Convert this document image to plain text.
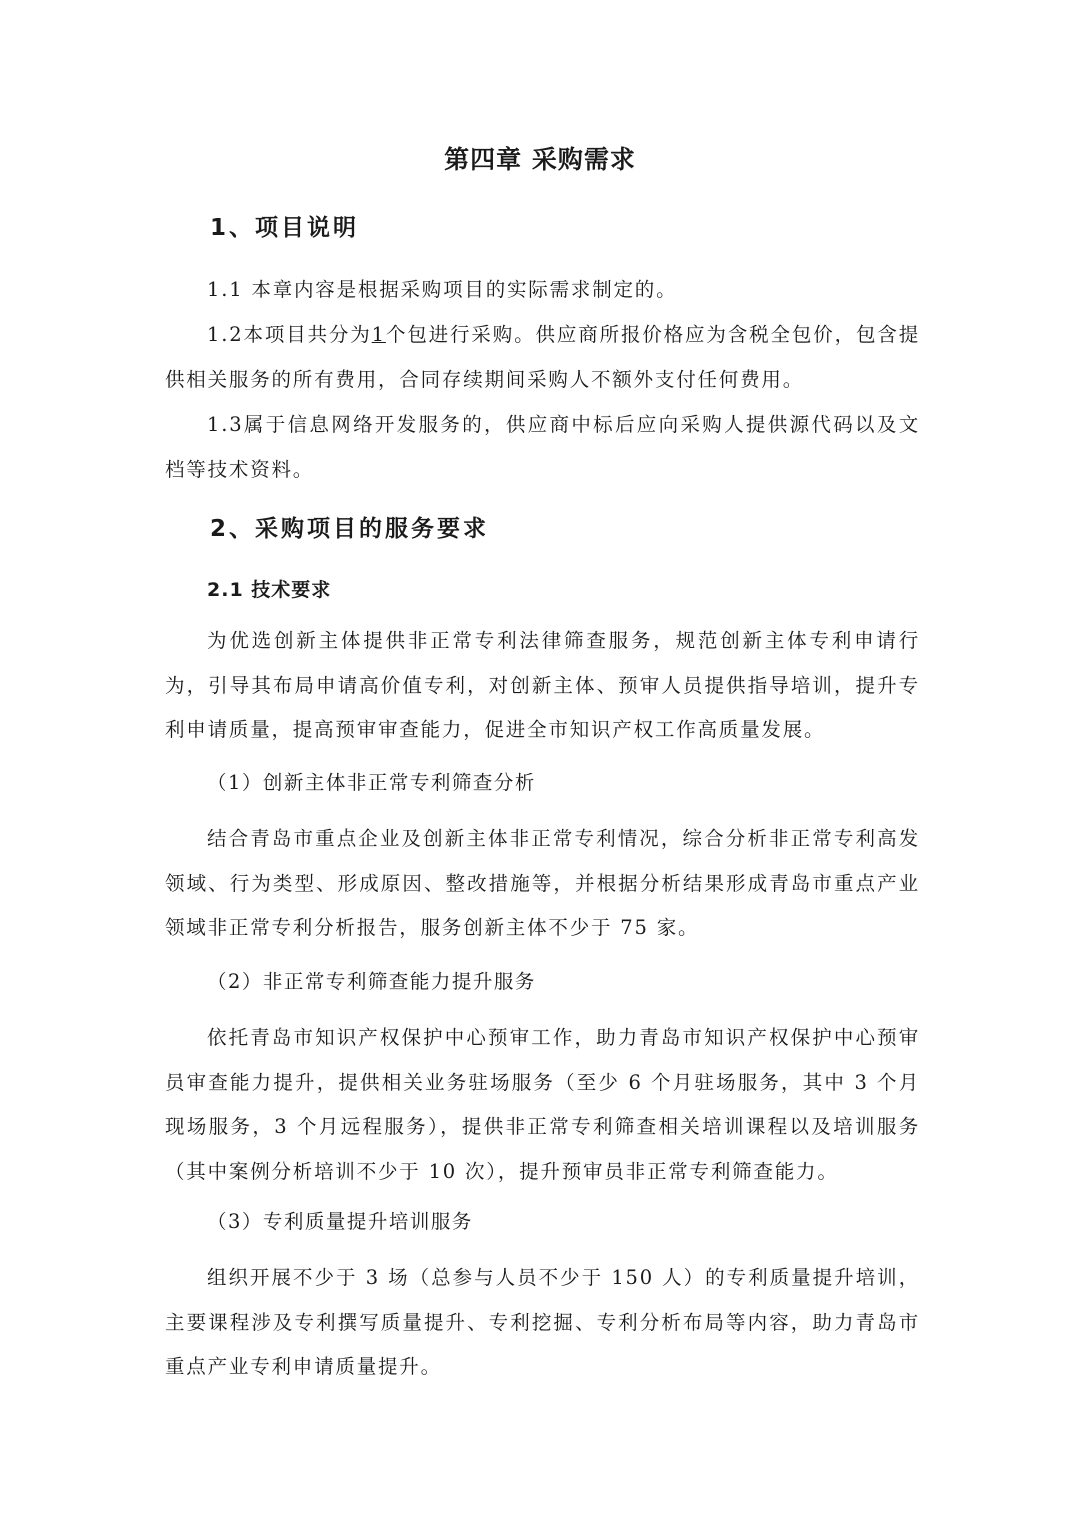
第四章 采购需求
1、项目说明
1.1 本章内容是根据采购项目的实际需求制定的。
1.2本项目共分为1个包进行采购。供应商所报价格应为含税全包价，包含提供相关服务的所有费用，合同存续期间采购人不额外支付任何费用。
1.3属于信息网络开发服务的，供应商中标后应向采购人提供源代码以及文档等技术资料。
2、采购项目的服务要求
2.1 技术要求
为优选创新主体提供非正常专利法律筛查服务，规范创新主体专利申请行为，引导其布局申请高价值专利，对创新主体、预审人员提供指导培训，提升专利申请质量，提高预审审查能力，促进全市知识产权工作高质量发展。
（1）创新主体非正常专利筛查分析
结合青岛市重点企业及创新主体非正常专利情况，综合分析非正常专利高发领域、行为类型、形成原因、整改措施等，并根据分析结果形成青岛市重点产业领域非正常专利分析报告，服务创新主体不少于 75 家。
（2）非正常专利筛查能力提升服务
依托青岛市知识产权保护中心预审工作，助力青岛市知识产权保护中心预审员审查能力提升，提供相关业务驻场服务（至少 6 个月驻场服务，其中 3 个月现场服务，3 个月远程服务），提供非正常专利筛查相关培训课程以及培训服务（其中案例分析培训不少于 10 次），提升预审员非正常专利筛查能力。
（3）专利质量提升培训服务
组织开展不少于 3 场（总参与人员不少于 150 人）的专利质量提升培训，主要课程涉及专利撰写质量提升、专利挖掘、专利分析布局等内容，助力青岛市重点产业专利申请质量提升。
